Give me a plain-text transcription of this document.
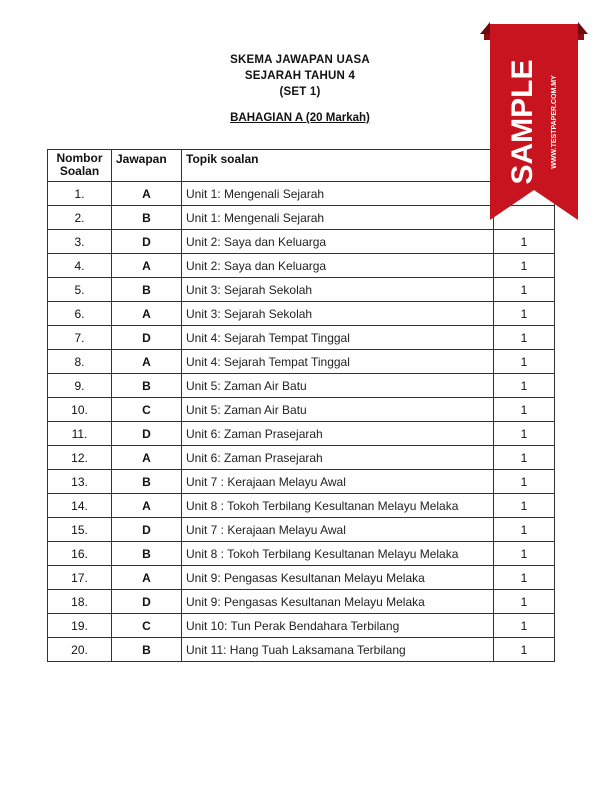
SKEMA JAWAPAN UASA
SEJARAH TAHUN 4
(SET 1)
BAHAGIAN A (20 Markah)
Nombor
Soalan	Jawapan	Topik soalan	
1.	A	Unit 1: Mengenali Sejarah	
2.	B	Unit 1: Mengenali Sejarah	
3.	D	Unit 2: Saya dan Keluarga	1
4.	A	Unit 2: Saya dan Keluarga	1
5.	B	Unit 3: Sejarah Sekolah	1
6.	A	Unit 3: Sejarah Sekolah	1
7.	D	Unit 4: Sejarah Tempat Tinggal	1
8.	A	Unit 4: Sejarah Tempat Tinggal	1
9.	B	Unit 5: Zaman Air Batu	1
10.	C	Unit 5: Zaman Air Batu	1
11.	D	Unit 6: Zaman Prasejarah	1
12.	A	Unit 6: Zaman Prasejarah	1
13.	B	Unit 7 : Kerajaan Melayu Awal	1
14.	A	Unit 8 : Tokoh Terbilang Kesultanan Melayu Melaka	1
15.	D	Unit 7 : Kerajaan Melayu Awal	1
16.	B	Unit 8 : Tokoh Terbilang Kesultanan Melayu Melaka	1
17.	A	Unit 9: Pengasas Kesultanan Melayu Melaka	1
18.	D	Unit 9: Pengasas Kesultanan Melayu Melaka	1
19.	C	Unit 10: Tun Perak Bendahara Terbilang	1
20.	B	Unit 11: Hang Tuah Laksamana Terbilang	1
SAMPLE WWW.TESTPAPER.COM.MY
